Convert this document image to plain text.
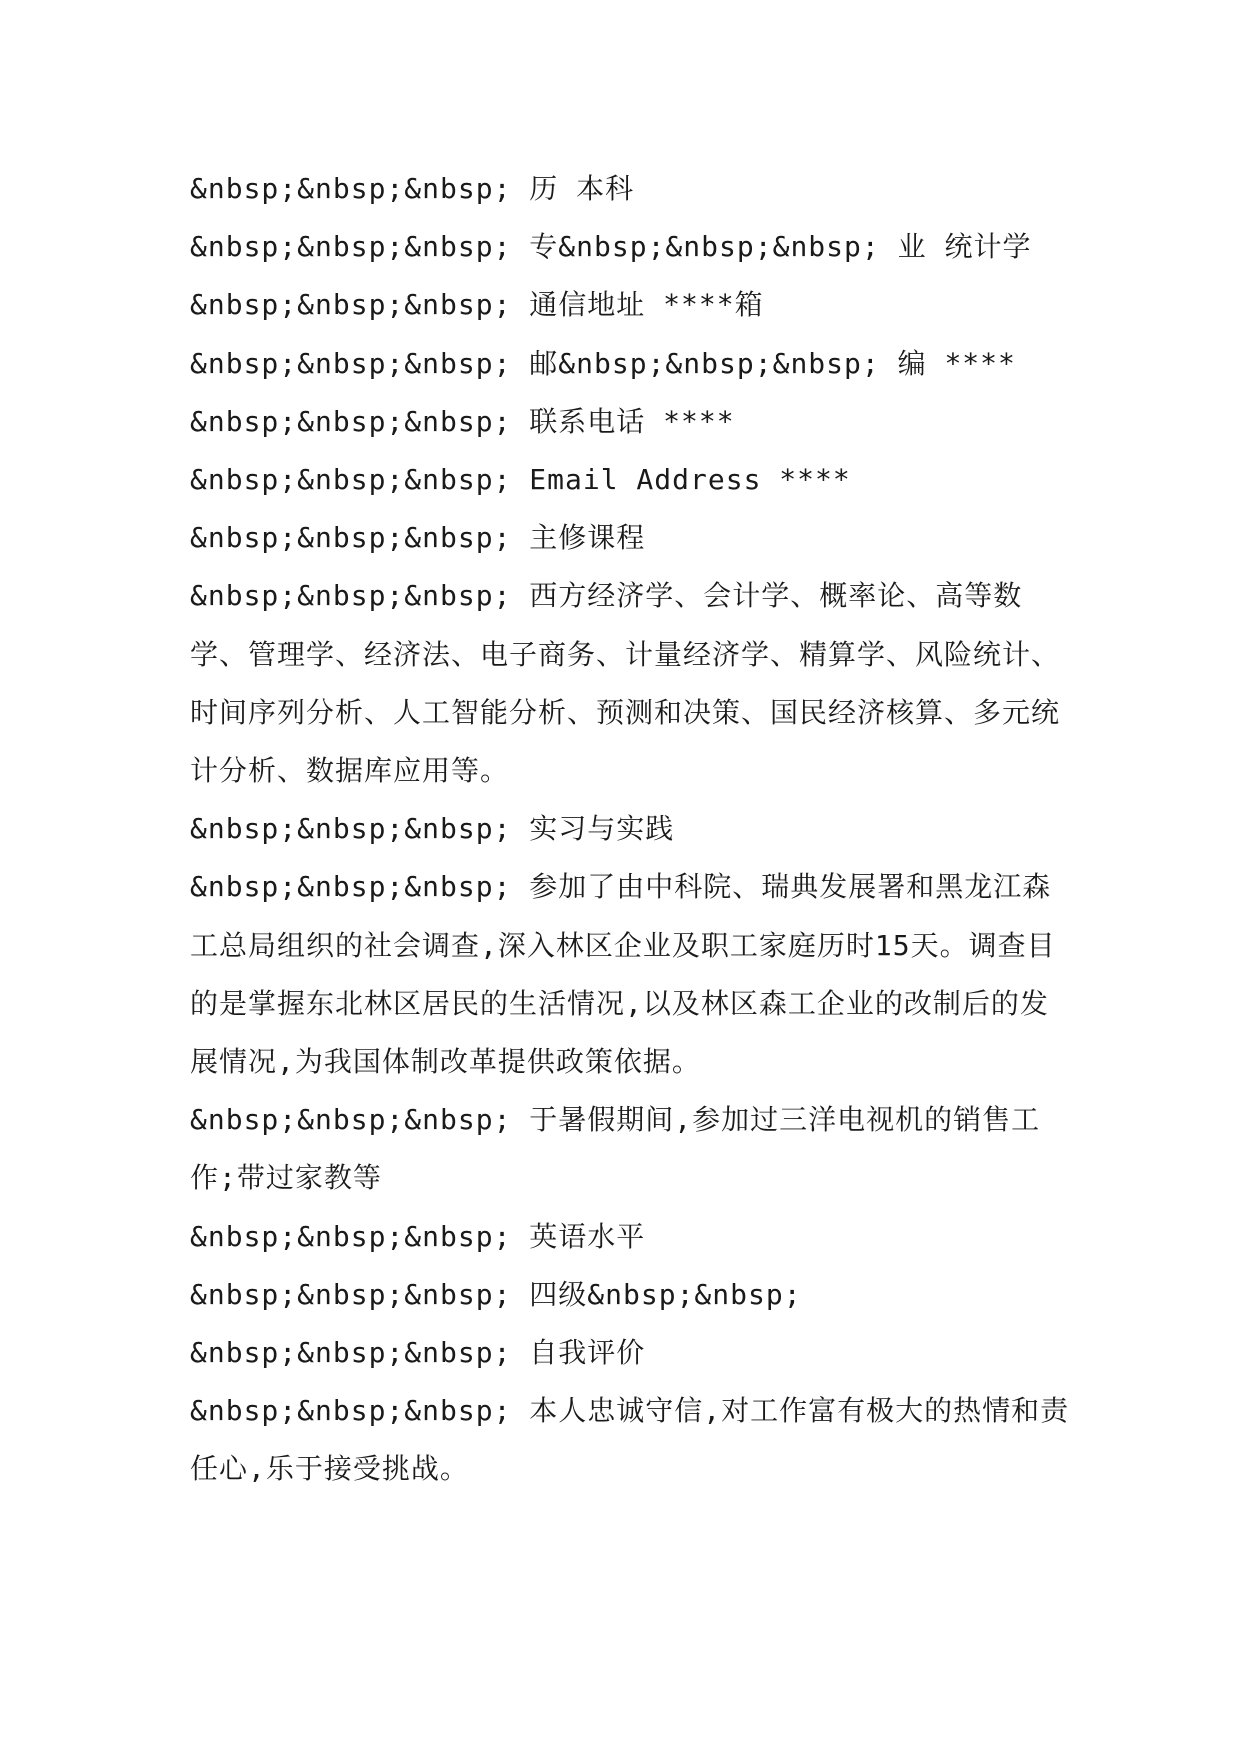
&nbsp;&nbsp;&nbsp; 历 本科

&nbsp;&nbsp;&nbsp; 专&nbsp;&nbsp;&nbsp; 业 统计学

&nbsp;&nbsp;&nbsp; 通信地址 ****箱

&nbsp;&nbsp;&nbsp; 邮&nbsp;&nbsp;&nbsp; 编 ****

&nbsp;&nbsp;&nbsp; 联系电话 ****

&nbsp;&nbsp;&nbsp; Email Address ****

&nbsp;&nbsp;&nbsp; 主修课程

&nbsp;&nbsp;&nbsp; 西方经济学、会计学、概率论、高等数学、管理学、经济法、电子商务、计量经济学、精算学、风险统计、时间序列分析、人工智能分析、预测和决策、国民经济核算、多元统计分析、数据库应用等。

&nbsp;&nbsp;&nbsp; 实习与实践

&nbsp;&nbsp;&nbsp; 参加了由中科院、瑞典发展署和黑龙江森工总局组织的社会调查,深入林区企业及职工家庭历时15天。调查目的是掌握东北林区居民的生活情况,以及林区森工企业的改制后的发展情况,为我国体制改革提供政策依据。

&nbsp;&nbsp;&nbsp; 于暑假期间,参加过三洋电视机的销售工作;带过家教等

&nbsp;&nbsp;&nbsp; 英语水平

&nbsp;&nbsp;&nbsp; 四级&nbsp;&nbsp;

&nbsp;&nbsp;&nbsp; 自我评价

&nbsp;&nbsp;&nbsp; 本人忠诚守信,对工作富有极大的热情和责任心,乐于接受挑战。
